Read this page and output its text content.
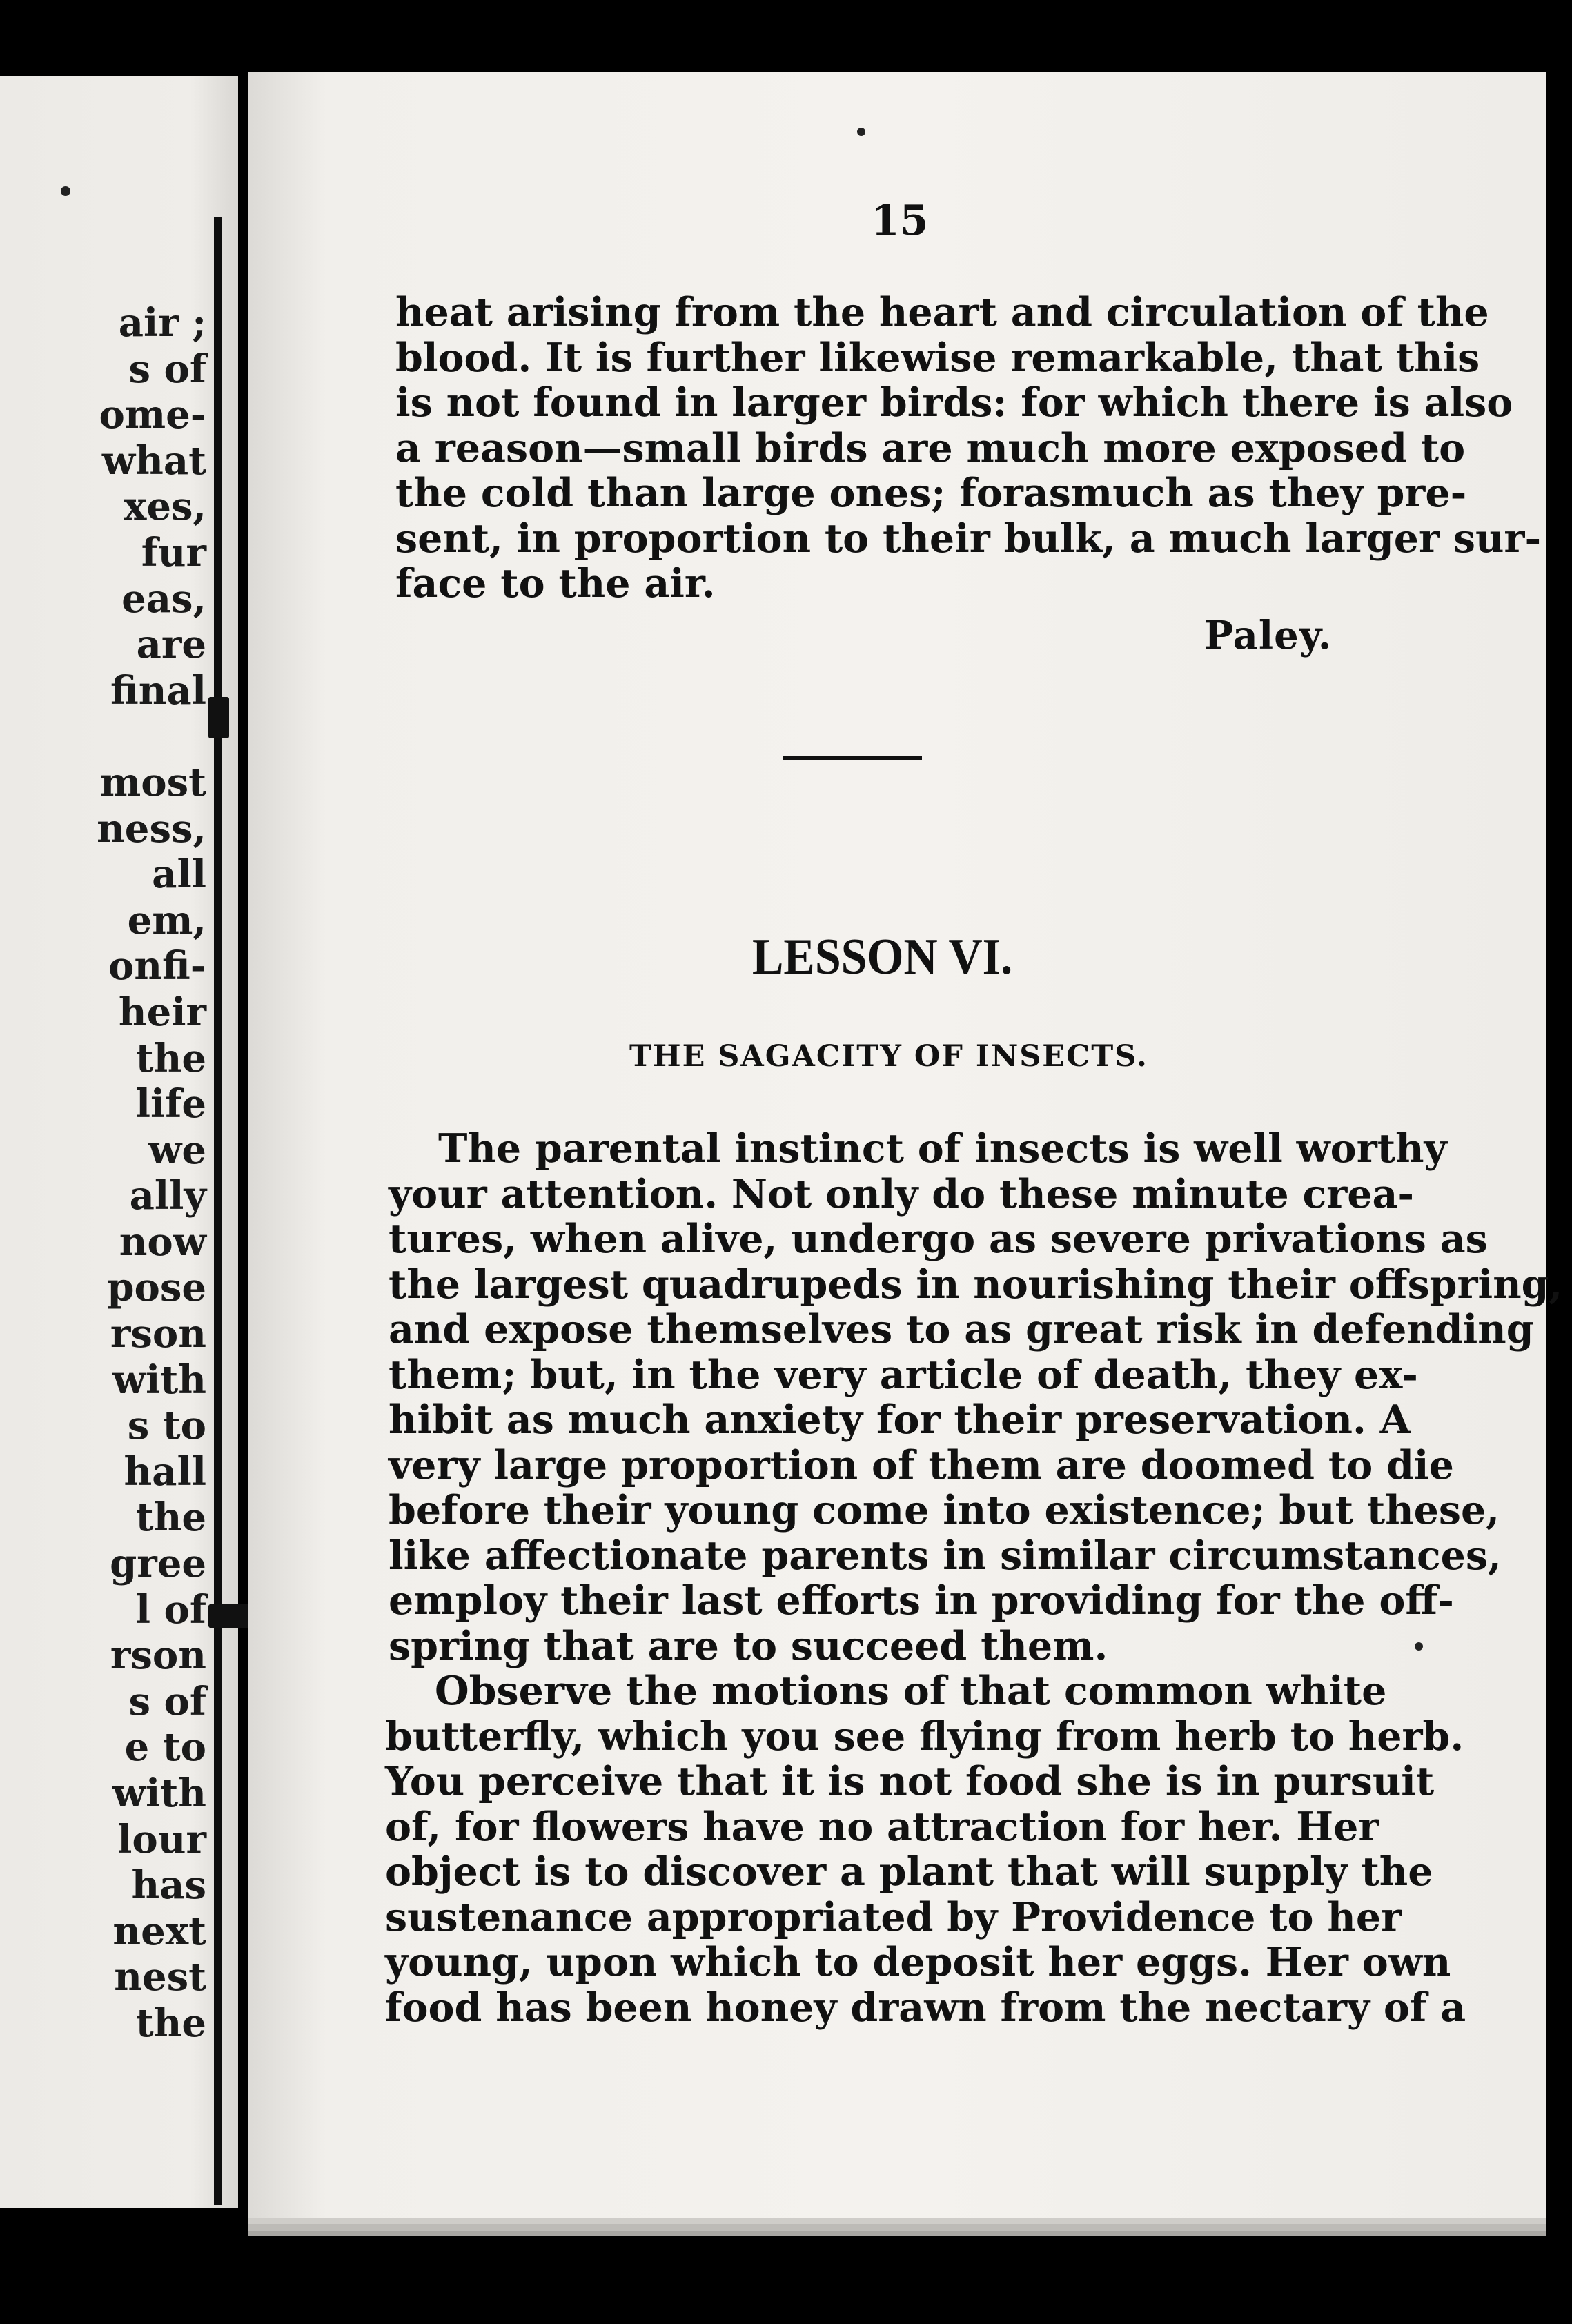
air ;
s of
ome-
what
xes,
fur
eas,
are
final
most
ness,
all
em,
onfi-
heir
the
life
we
ally
now
pose
rson
with
s to
hall
the
gree
l of
rson
s of
e to
with
lour
has
next
nest
the
15
heat arising from the heart and circulation of the
blood. It is further likewise remarkable, that this
is not found in larger birds: for which there is also
a reason—small birds are much more exposed to
the cold than large ones; forasmuch as they pre-
sent, in proportion to their bulk, a much larger sur-
face to the air.
Paley.
LESSON VI.
THE SAGACITY OF INSECTS.
The parental instinct of insects is well worthy
your attention. Not only do these minute crea-
tures, when alive, undergo as severe privations as
the largest quadrupeds in nourishing their offspring,
and expose themselves to as great risk in defending
them; but, in the very article of death, they ex-
hibit as much anxiety for their preservation. A
very large proportion of them are doomed to die
before their young come into existence; but these,
like affectionate parents in similar circumstances,
employ their last efforts in providing for the off-
spring that are to succeed them.
Observe the motions of that common white
butterfly, which you see flying from herb to herb.
You perceive that it is not food she is in pursuit
of, for flowers have no attraction for her. Her
object is to discover a plant that will supply the
sustenance appropriated by Providence to her
young, upon which to deposit her eggs. Her own
food has been honey drawn from the nectary of a
